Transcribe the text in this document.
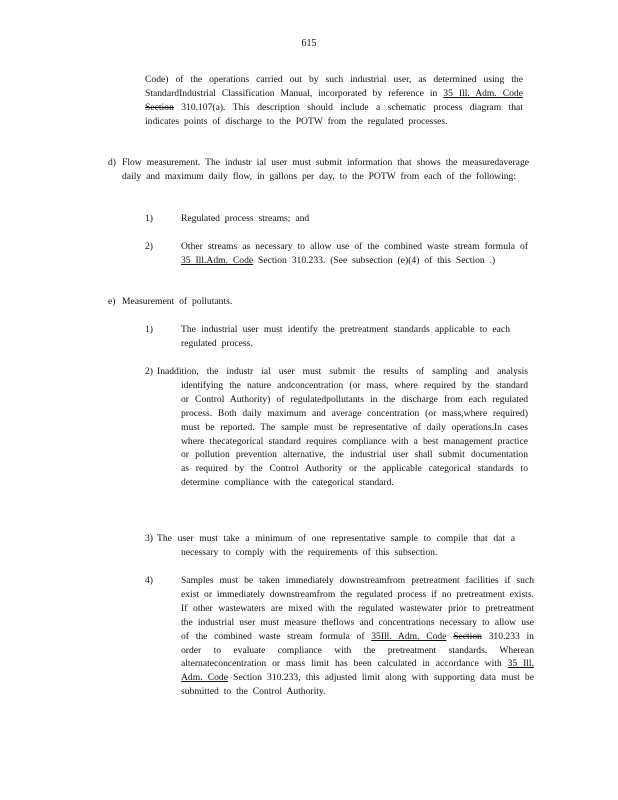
615
Code) of the operations carried out by such industrial user, as determined using the StandardIndustrial Classification Manual, incorporated by reference in 35 Ill. Adm. Code Section 310.107(a). This description should include a schematic process diagram that indicates points of discharge to the POTW from the regulated processes.
d) Flow measurement. The industr ial user must submit information that shows the measuredaverage daily and maximum daily flow, in gallons per day, to the POTW from each of the following:
1)	Regulated process streams; and
2)	Other streams as necessary to allow use of the combined waste stream formula of 35 Ill.Adm. Code Section 310.233. (See subsection (e)(4) of this Section .)
e) Measurement of pollutants.
1)	The industrial user must identify the pretreatment standards applicable to each regulated process.
2) Inaddition, the industr ial user must submit the results of sampling and analysis identifying the nature andconcentration (or mass, where required by the standard or Control Authority) of regulatedpollutants in the discharge from each regulated process. Both daily maximum and average concentration (or mass,where required) must be reported. The sample must be representative of daily operations.In cases where thecategorical standard requires compliance with a best management practice or pollution prevention alternative, the industrial user shall submit documentation as required by the Control Authority or the applicable categorical standards to determine compliance with the categorical standard.
3) The user must take a minimum of one representative sample to compile that dat a necessary to comply with the requirements of this subsection.
4)	Samples must be taken immediately downstreamfrom pretreatment facilities if such exist or immediately downstreamfrom the regulated process if no pretreatment exists. If other wastewaters are mixed with the regulated wastewater prior to pretreatment the industrial user must measure theflows and concentrations necessary to allow use of the combined waste stream formula of 35Ill. Adm. Code Section 310.233 in order to evaluate compliance with the pretreatment standards. Wherean alternateconcentration or mass limit has been calculated in accordance with 35 Ill. Adm. Code Section 310.233, this adjusted limit along with supporting data must be submitted to the Control Authority.
